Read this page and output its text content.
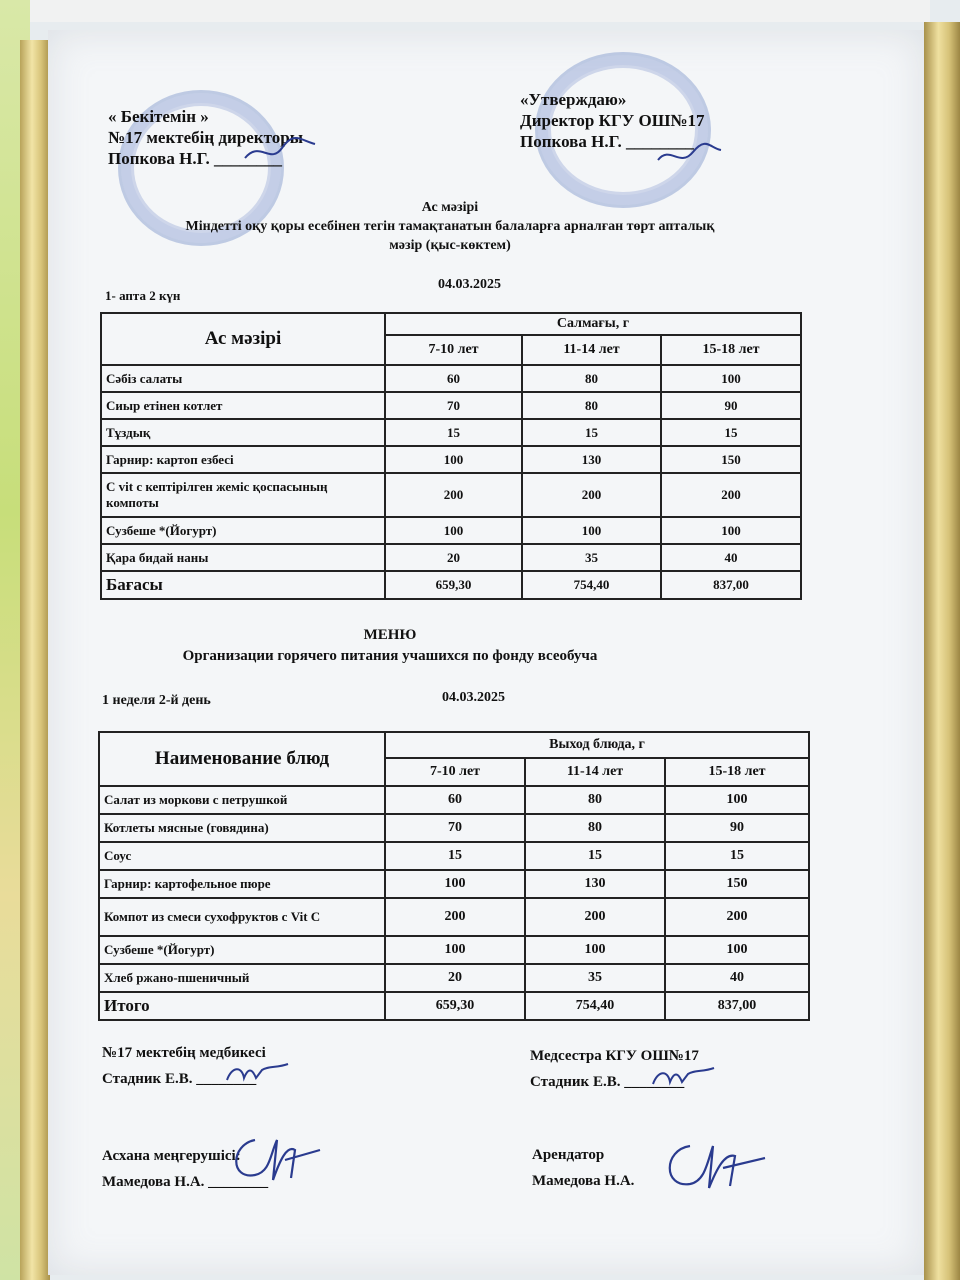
« Бекітемін »
№17 мектебің директоры
Попкова Н.Г. ________
«Утверждаю»
Директор КГУ ОШ№17
Попкова Н.Г. ________
Ас мәзірі
Міндетті оқу қоры есебінен тегін тамақтанатын балаларға арналған төрт апталық
мәзір (қыс-көктем)
1- апта 2 күн
04.03.2025
Ас мәзірі	Салмағы, г		
	7-10 лет	11-14 лет	15-18 лет
Сәбіз салаты	60	80	100
Сиыр етінен котлет	70	80	90
Тұздық	15	15	15
Гарнир: картоп езбесі	100	130	150
С vit с кептірілген жеміс қоспасының компоты	200	200	200
Сузбеше *(Йогурт)	100	100	100
Қара бидай наны	20	35	40
Бағасы	659,30	754,40	837,00
МЕНЮ
Организации горячего питания учашихся по фонду всеобуча
1 неделя 2-й день	04.03.2025
Наименование блюд	Выход блюда, г		
	7-10 лет	11-14 лет	15-18 лет
Салат из моркови с петрушкой	60	80	100
Котлеты мясные (говядина)	70	80	90
Соус	15	15	15
Гарнир: картофельное пюре	100	130	150
Компот из смеси сухофруктов с Vit C	200	200	200
Сузбеше *(Йогурт)	100	100	100
Хлеб ржано-пшеничный	20	35	40
Итого	659,30	754,40	837,00
№17 мектебің медбикесі
Стадник Е.В. ________
Медсестра КГУ ОШ№17
Стадник Е.В. ________
Асхана меңгерушісі:
Мамедова Н.А. ________
Арендатор
Мамедова Н.А.
